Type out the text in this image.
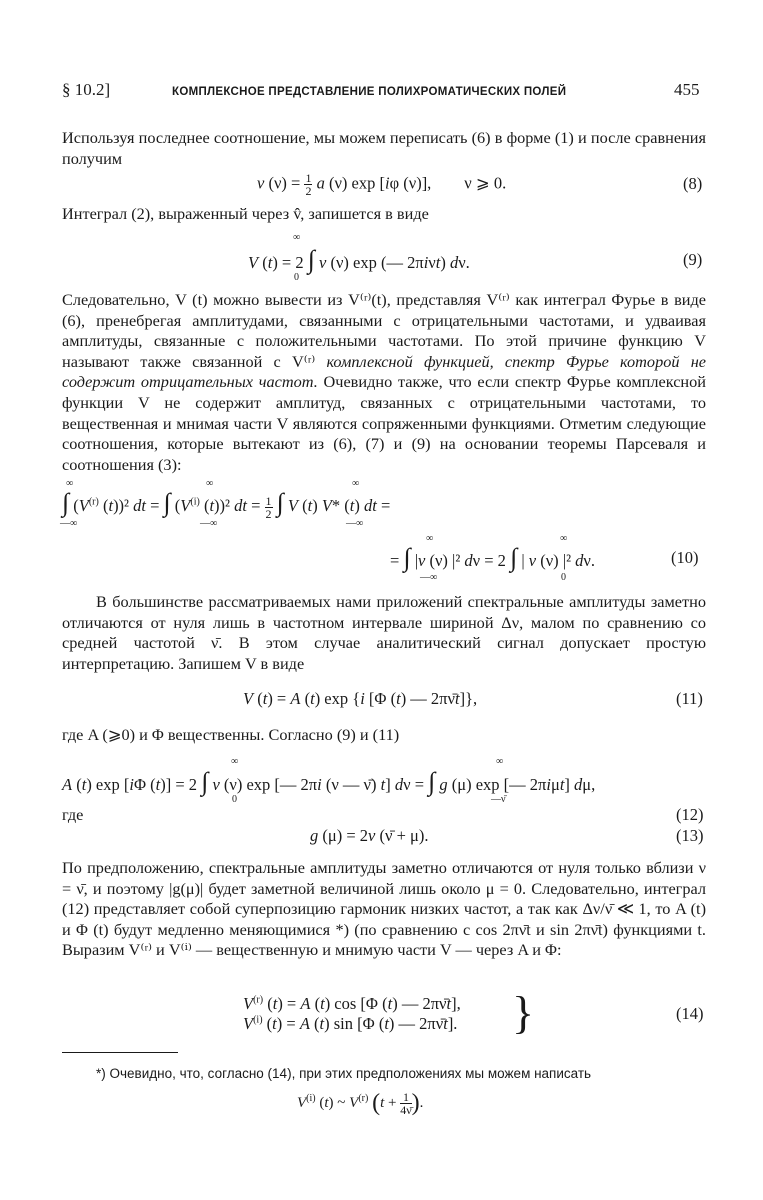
§ 10.2]	КОМПЛЕКСНОЕ ПРЕДСТАВЛЕНИЕ ПОЛИХРОМАТИЧЕСКИХ ПОЛЕЙ	455

Используя последнее соотношение, мы можем переписать (6) в форме (1) и после сравнения получим

v $(\nu) = \frac{1}{2}$ a (ν) exp [iφ (ν)],        ν ⩾ 0.	(8)

Интеграл (2), выраженный через v̂, запишется в виде

V (t) = 2 ∫ v (ν) exp (— 2πiνt) dν.
∞
0
(9)

Следовательно, V (t) можно вывести из V⁽ʳ⁾(t), представляя V⁽ʳ⁾ как интеграл Фурье в виде (6), пренебрегая амплитудами, связанными с отрицательными частотами, и удваивая амплитуды, связанные с положительными частотами. По этой причине функцию V называют также связанной с V⁽ʳ⁾ комплексной функцией, спектр Фурье которой не содержит отрицательных частот. Очевидно также, что если спектр Фурье комплексной функции V не содержит амплитуд, связанных с отрицательными частотами, то вещественная и мнимая части V являются сопряженными функциями. Отметим следующие соотношения, которые вытекают из (6), (7) и (9) на основании теоремы Парсеваля и соотношения (3):

∫ ($V^{(r)}$ (t))² dt = ∫ ($V^{(i)}$ (t))² dt = $\frac{1}{2}$ ∫ V (t) V* (t) dt =
∞
—∞
∞
—∞
∞
—∞
= ∫ |v (ν) |² dν = 2 ∫ | v (ν) |² dν.
∞
—∞
∞
0
(10)

В большинстве рассматриваемых нами приложений спектральные амплитуды заметно отличаются от нуля лишь в частотном интервале шириной Δν, малом по сравнению со средней частотой ν̄. В этом случае аналитический сигнал допускает простую интерпретацию. Запишем V в виде

V (t) = A (t) exp {i [Φ (t) — 2πν̄t]},	(11)

где A (⩾0) и Φ вещественны. Согласно (9) и (11)

A (t) exp [iΦ (t)] = 2 ∫ v (ν) exp [— 2πi (ν — ν̄) t] dν = ∫ g (μ) exp [— 2πiμt] dμ,
∞
0
∞
—ν̄
где	(12)
g (μ) = 2v (ν̄ + μ).	(13)

По предположению, спектральные амплитуды заметно отличаются от нуля только вблизи ν = ν̄, и поэтому |g(μ)| будет заметной величиной лишь около μ = 0. Следовательно, интеграл (12) представляет собой суперпозицию гармоник низких частот, а так как Δν/ν̄ ≪ 1, то A (t) и Φ (t) будут медленно меняющимися *) (по сравнению с cos 2πν̄t и sin 2πν̄t) функциями t. Выразим V⁽ʳ⁾ и V⁽ⁱ⁾ — вещественную и мнимую части V — через A и Φ:

$V^{(r)}$ (t) = A (t) cos [Φ (t) — 2πν̄t],
$V^{(i)}$ (t) = A (t) sin [Φ (t) — 2πν̄t]. }	(14)
*) Очевидно, что, согласно (14), при этих предположениях мы можем написать
$V^{(i)}$ (t) ~ $V^{(r)}$ ($t + \frac{1}{4\nū}$ ).
